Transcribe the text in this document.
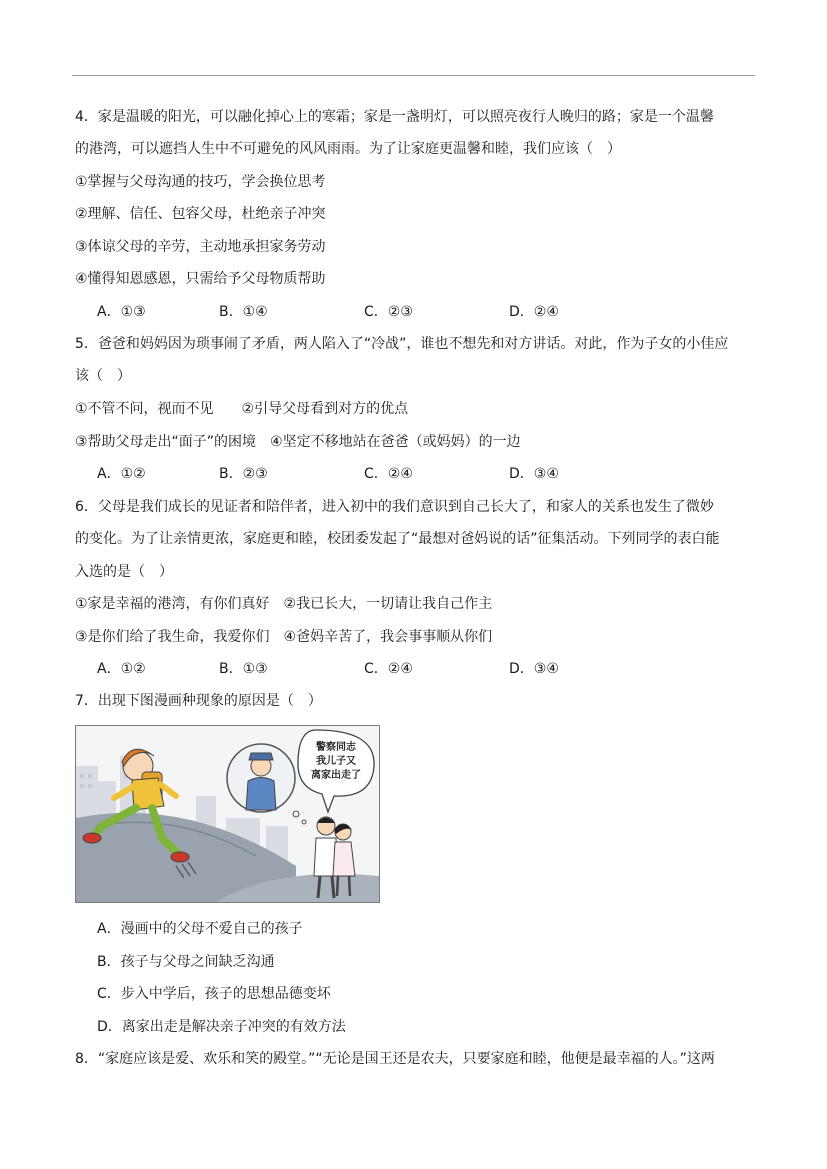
4．家是温暖的阳光，可以融化掉心上的寒霜；家是一盏明灯，可以照亮夜行人晚归的路；家是一个温馨
的港湾，可以遮挡人生中不可避免的风风雨雨。为了让家庭更温馨和睦，我们应该（　）
①掌握与父母沟通的技巧，学会换位思考
②理解、信任、包容父母，杜绝亲子冲突
③体谅父母的辛劳，主动地承担家务劳动
④懂得知恩感恩，只需给予父母物质帮助
A．①③	B．①④	C．②③	D．②④
5．爸爸和妈妈因为琐事闹了矛盾，两人陷入了“冷战”，谁也不想先和对方讲话。对此，作为子女的小佳应
该（　）
①不管不问，视而不见　　②引导父母看到对方的优点
③帮助父母走出“面子”的困境　④坚定不移地站在爸爸（或妈妈）的一边
A．①②	B．②③	C．②④	D．③④
6．父母是我们成长的见证者和陪伴者，进入初中的我们意识到自己长大了，和家人的关系也发生了微妙
的变化。为了让亲情更浓，家庭更和睦，校团委发起了“最想对爸妈说的话”征集活动。下列同学的表白能
入选的是（　）
①家是幸福的港湾，有你们真好　②我已长大，一切请让我自己作主
③是你们给了我生命，我爱你们　④爸妈辛苦了，我会事事顺从你们
A．①②	B．①③	C．②④	D．③④
7．出现下图漫画种现象的原因是（　）
警察同志
我儿子又
离家出走了
A．漫画中的父母不爱自己的孩子
B．孩子与父母之间缺乏沟通
C．步入中学后，孩子的思想品德变坏
D．离家出走是解决亲子冲突的有效方法
8．“家庭应该是爱、欢乐和笑的殿堂。”“无论是国王还是农夫，只要家庭和睦，他便是最幸福的人。”这两
